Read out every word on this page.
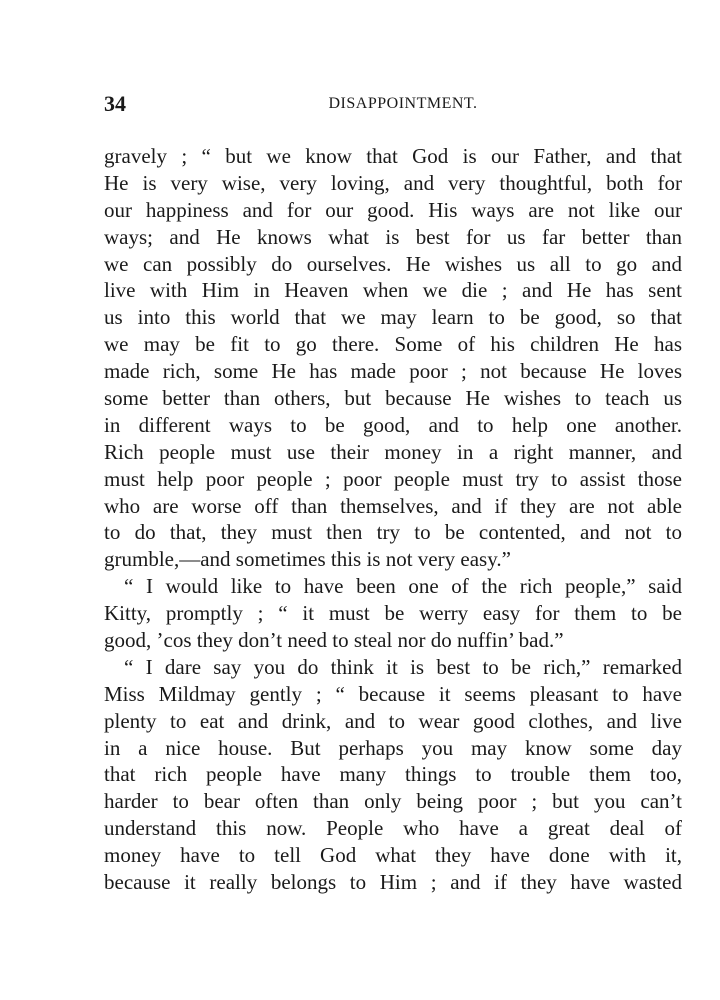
34	DISAPPOINTMENT.
gravely ; “ but we know that God is our Father, and that
He is very wise, very loving, and very thoughtful, both for
our happiness and for our good. His ways are not like our
ways; and He knows what is best for us far better than
we can possibly do ourselves. He wishes us all to go and
live with Him in Heaven when we die ; and He has sent
us into this world that we may learn to be good, so that
we may be fit to go there. Some of his children He has
made rich, some He has made poor ; not because He loves
some better than others, but because He wishes to teach us
in different ways to be good, and to help one another.
Rich people must use their money in a right manner, and
must help poor people ; poor people must try to assist those
who are worse off than themselves, and if they are not able
to do that, they must then try to be contented, and not to
grumble,—and sometimes this is not very easy.”
“ I would like to have been one of the rich people,” said
Kitty, promptly ; “ it must be werry easy for them to be
good, ’cos they don’t need to steal nor do nuffin’ bad.”
“ I dare say you do think it is best to be rich,” remarked
Miss Mildmay gently ; “ because it seems pleasant to have
plenty to eat and drink, and to wear good clothes, and live
in a nice house. But perhaps you may know some day
that rich people have many things to trouble them too,
harder to bear often than only being poor ; but you can’t
understand this now. People who have a great deal of
money have to tell God what they have done with it,
because it really belongs to Him ; and if they have wasted
